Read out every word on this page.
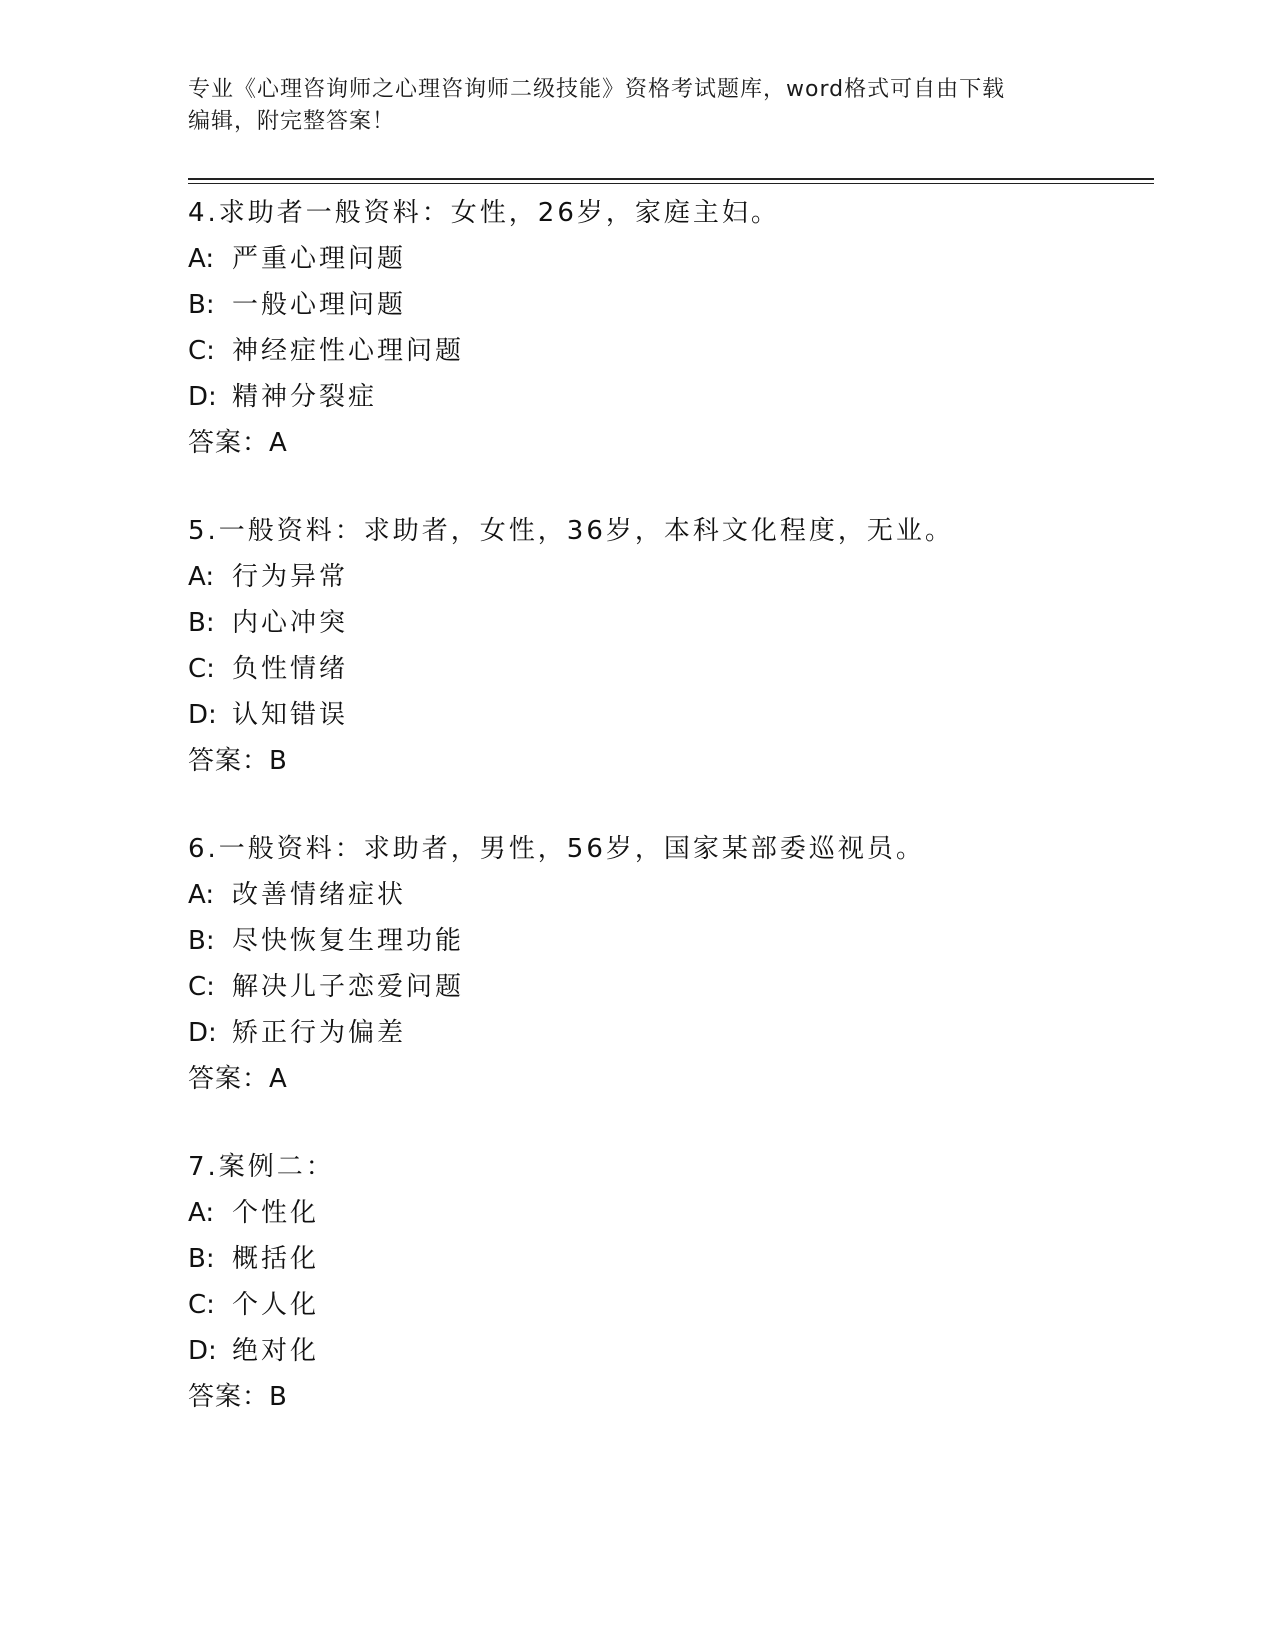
专业《心理咨询师之心理咨询师二级技能》资格考试题库，word格式可自由下载
编辑，附完整答案！
4.求助者一般资料：女性，26岁，家庭主妇。
A: 严重心理问题
B: 一般心理问题
C: 神经症性心理问题
D: 精神分裂症
答案：A
5.一般资料：求助者，女性，36岁，本科文化程度，无业。
A: 行为异常
B: 内心冲突
C: 负性情绪
D: 认知错误
答案：B
6.一般资料：求助者，男性，56岁，国家某部委巡视员。
A: 改善情绪症状
B: 尽快恢复生理功能
C: 解决儿子恋爱问题
D: 矫正行为偏差
答案：A
7.案例二：
A: 个性化
B: 概括化
C: 个人化
D: 绝对化
答案：B
